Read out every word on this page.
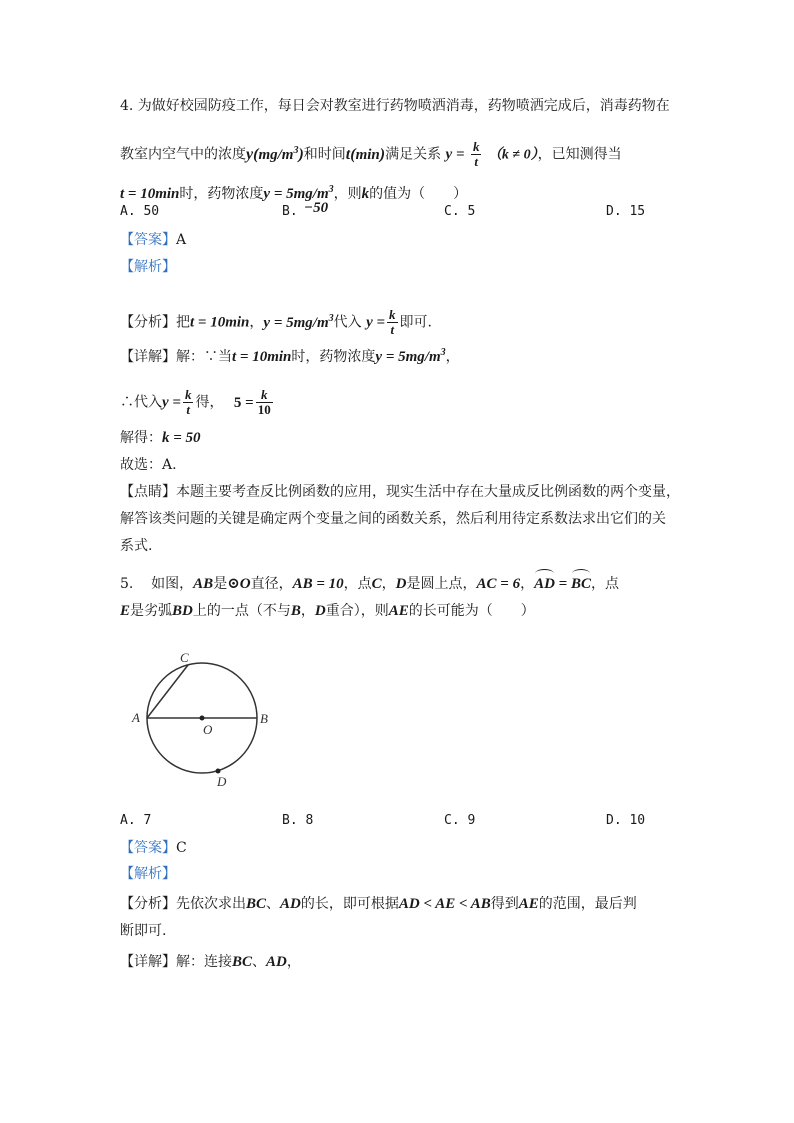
4. 为做好校园防疫工作，每日会对教室进行药物喷洒消毒，药物喷洒完成后，消毒药物在
教室内空气中的浓度$y(mg/m^3)$和时间t(min)满足关系 $y = \frac{k}{t} (k \ne 0)$，已知测得当
t = 10min时，药物浓度$y = 5mg/m^3$，则k的值为（　　）
A. 50	B. −50	C. 5	D. 15
【答案】A
【解析】
【分析】把t = 10min，$y = 5mg/m^3$代入 $y = \frac{k}{t}$ 即可.
【详解】解：∵当t = 10min时，药物浓度$y = 5mg/m^3$，
∴代入$y = \frac{k}{t}$ 得， $5 = \frac{k}{10}$
解得：k = 50
故选：A.
【点睛】本题主要考查反比例函数的应用，现实生活中存在大量成反比例函数的两个变量，
解答该类问题的关键是确定两个变量之间的函数关系，然后利用待定系数法求出它们的关
系式.
5. 如图，AB是⊙O直径，AB = 10，点C，D是圆上点，AC = 6，AD = BC，点
E是劣弧BD上的一点（不与B，D重合），则AE的长可能为（　　）
A	B
C
O
D
A. 7	B. 8	C. 9	D. 10
【答案】C
【解析】
【分析】先依次求出BC、AD的长，即可根据AD < AE < AB得到AE的范围，最后判
断即可.
【详解】解：连接BC、AD，
